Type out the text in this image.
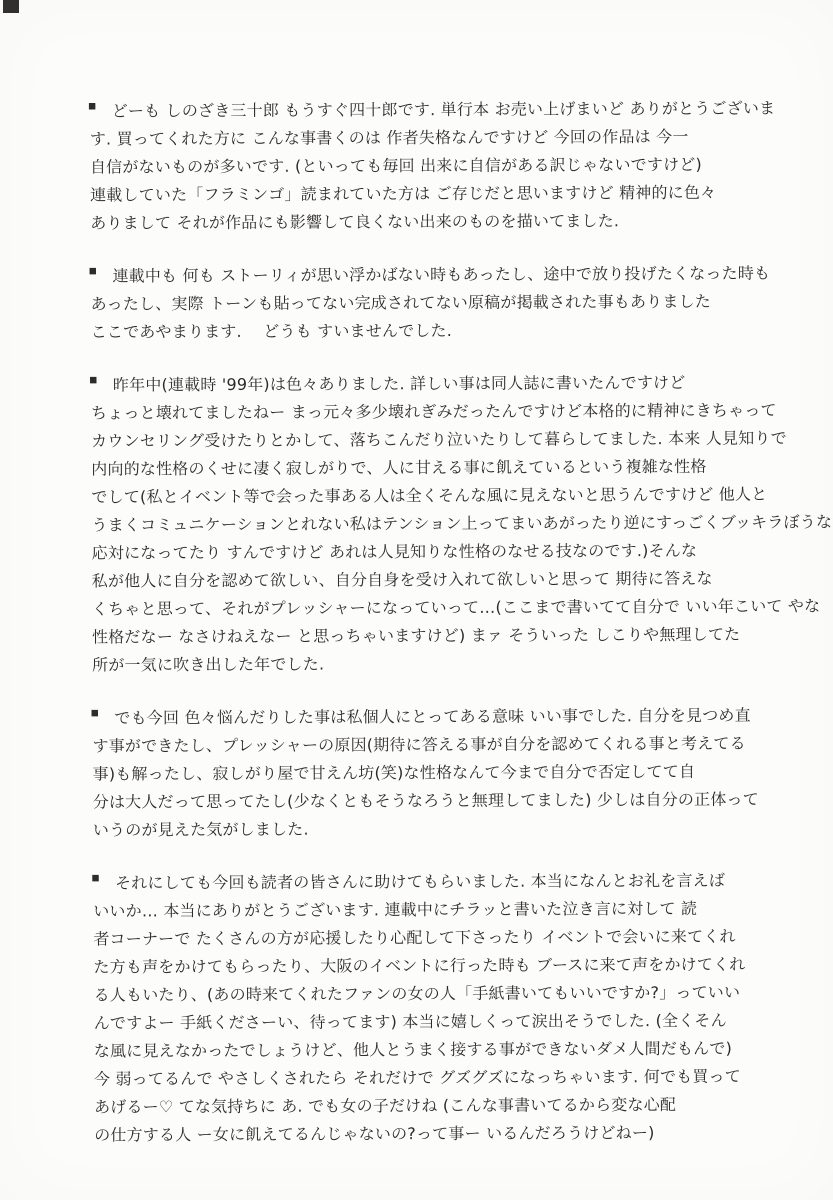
▪ どーも しのざき三十郎 もうすぐ四十郎です. 単行本 お売い上げまいど ありがとうございま
す. 買ってくれた方に こんな事書くのは 作者失格なんですけど 今回の作品は 今一
自信がないものが多いです. (といっても毎回 出来に自信がある訳じゃないですけど)
連載していた「フラミンゴ」読まれていた方は ご存じだと思いますけど 精神的に色々
ありまして それが作品にも影響して良くない出来のものを描いてました.
▪ 連載中も 何も ストーリィが思い浮かばない時もあったし、途中で放り投げたくなった時も
あったし、実際 トーンも貼ってない完成されてない原稿が掲載された事もありました
ここであやまります.　 どうも すいませんでした.
▪ 昨年中(連載時 '99年)は色々ありました. 詳しい事は同人誌に書いたんですけど
ちょっと壊れてましたねー まっ元々多少壊れぎみだったんですけど本格的に精神にきちゃって
カウンセリング受けたりとかして、落ちこんだり泣いたりして暮らしてました. 本来 人見知りで
内向的な性格のくせに凄く寂しがりで、人に甘える事に飢えているという複雑な性格
でして(私とイベント等で会った事ある人は全くそんな風に見えないと思うんですけど 他人と
うまくコミュニケーションとれない私はテンション上ってまいあがったり逆にすっごくブッキラぼうな
応対になってたり すんですけど あれは人見知りな性格のなせる技なのです.)そんな
私が他人に自分を認めて欲しい、自分自身を受け入れて欲しいと思って 期待に答えな
くちゃと思って、それがプレッシャーになっていって…(ここまで書いてて自分で いい年こいて やな
性格だなー なさけねえなー と思っちゃいますけど) まァ そういった しこりや無理してた
所が一気に吹き出した年でした.
▪ でも今回 色々悩んだりした事は私個人にとってある意味 いい事でした. 自分を見つめ直
す事ができたし、プレッシャーの原因(期待に答える事が自分を認めてくれる事と考えてる
事)も解ったし、寂しがり屋で甘えん坊(笑)な性格なんて今まで自分で否定してて自
分は大人だって思ってたし(少なくともそうなろうと無理してました) 少しは自分の正体って
いうのが見えた気がしました.
▪ それにしても今回も読者の皆さんに助けてもらいました. 本当になんとお礼を言えば
いいか… 本当にありがとうございます. 連載中にチラッと書いた泣き言に対して 読
者コーナーで たくさんの方が応援したり心配して下さったり イベントで会いに来てくれ
た方も声をかけてもらったり、大阪のイベントに行った時も ブースに来て声をかけてくれ
る人もいたり、(あの時来てくれたファンの女の人「手紙書いてもいいですか?」っていい
んですよー 手紙くださーい、待ってます) 本当に嬉しくって涙出そうでした. (全くそん
な風に見えなかったでしょうけど、他人とうまく接する事ができないダメ人間だもんで)
今 弱ってるんで やさしくされたら それだけで グズグズになっちゃいます. 何でも買って
あげるー♡ てな気持ちに あ. でも女の子だけね (こんな事書いてるから変な心配
の仕方する人 ー女に飢えてるんじゃないの?って事ー いるんだろうけどねー)
